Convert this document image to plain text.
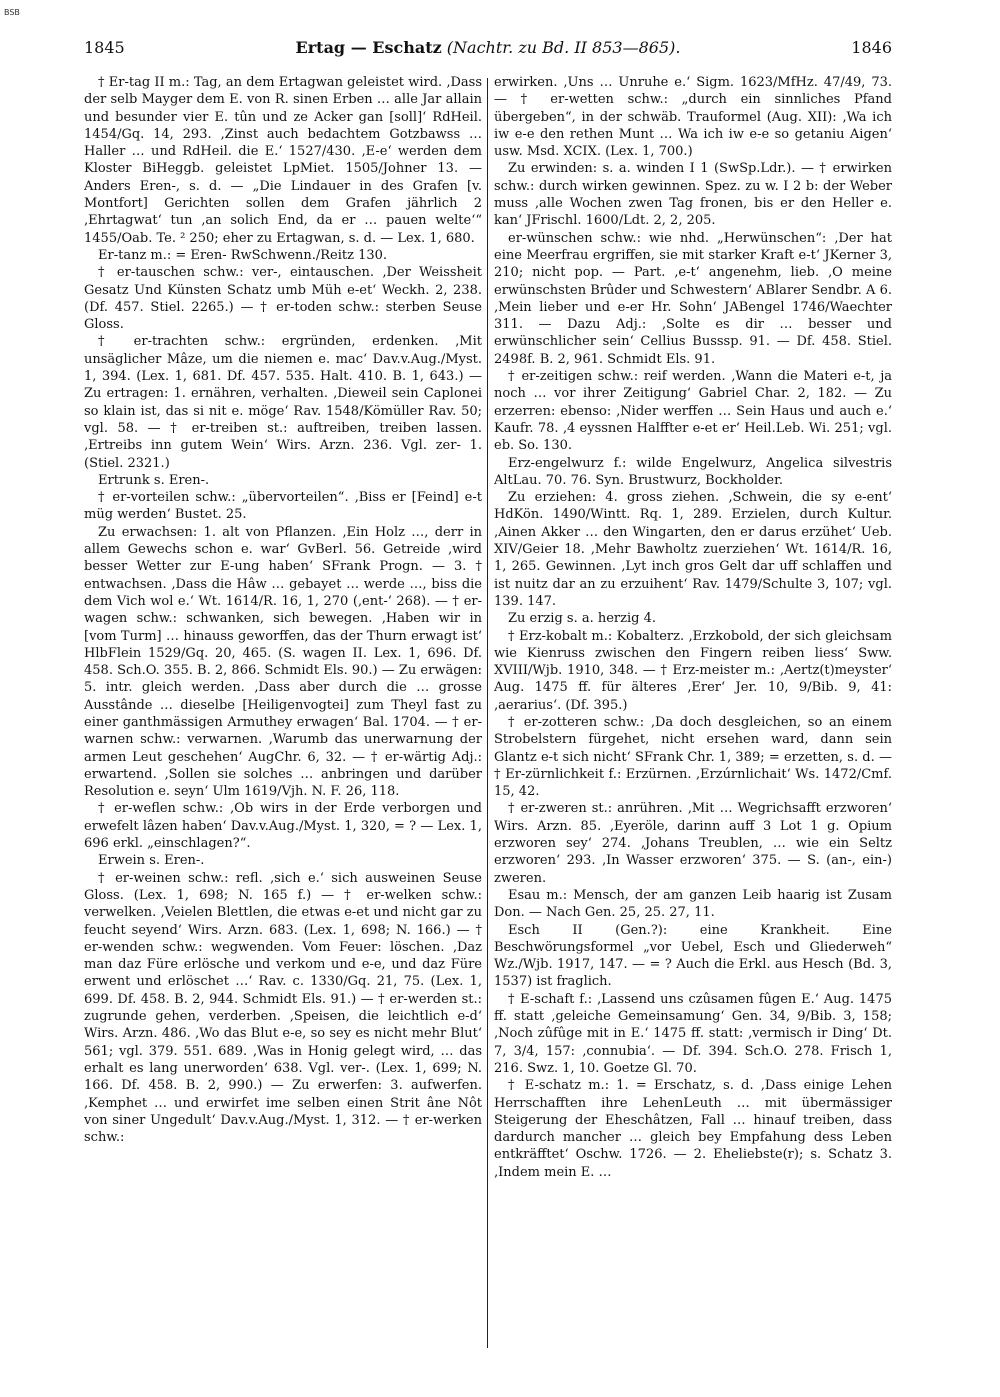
BSB
1845	Ertag — Eschatz (Nachtr. zu Bd. II 853—865).	1846

† Er-tag II m.: Tag, an dem Ertagwan geleistet wird. ‚Dass der selb Mayger dem E. von R. sinen Erben … alle Jar allain und besunder vier E. tûn und ze Acker gan [soll]‘ RdHeil. 1454/Gq. 14, 293. ‚Zinst auch bedachtem Gotzbawss … Haller … und RdHeil. die E.‘ 1527/430. ‚E-e‘ werden dem Kloster BiHeggb. geleistet LpMiet. 1505/Johner 13. — Anders Eren-, s. d. — „Die Lindauer in des Grafen [v. Montfort] Gerichten sollen dem Grafen jährlich 2 ‚Ehrtagwat‘ tun ‚an solich End, da er … pauen welte‘“ 1455/Oab. Te. ² 250; eher zu Ertagwan, s. d. — Lex. 1, 680.

Er-tanz m.: = Eren- RwSchwenn./Reitz 130.

† er-tauschen schw.: ver-, eintauschen. ‚Der Weissheit Gesatz Und Künsten Schatz umb Müh e-et‘ Weckh. 2, 238. (Df. 457. Stiel. 2265.) — † er-toden schw.: sterben Seuse Gloss.

† er-trachten schw.: ergründen, erdenken. ‚Mit unsäglicher Mâze, um die niemen e. mac‘ Dav.v.Aug./Myst. 1, 394. (Lex. 1, 681. Df. 457. 535. Halt. 410. B. 1, 643.) — Zu ertragen: 1. ernähren, verhalten. ‚Dieweil sein Caplonei so klain ist, das si nit e. möge‘ Rav. 1548/Kömüller Rav. 50; vgl. 58. — † er-treiben st.: auftreiben, treiben lassen. ‚Ertreibs inn gutem Wein‘ Wirs. Arzn. 236. Vgl. zer- 1. (Stiel. 2321.)

Ertrunk s. Eren-.

† er-vorteilen schw.: „übervorteilen“. ‚Biss er [Feind] e-t müg werden‘ Bustet. 25.

Zu erwachsen: 1. alt von Pflanzen. ‚Ein Holz …, derr in allem Gewechs schon e. war‘ GvBerl. 56. Getreide ‚wird besser Wetter zur E-ung haben‘ SFrank Progn. — 3. † entwachsen. ‚Dass die Hâw … gebayet … werde …, biss die dem Vich wol e.‘ Wt. 1614/R. 16, 1, 270 (‚ent-‘ 268). — † er-wagen schw.: schwanken, sich bewegen. ‚Haben wir in [vom Turm] … hinauss geworffen, das der Thurn erwagt ist‘ HlbFlein 1529/Gq. 20, 465. (S. wagen II. Lex. 1, 696. Df. 458. Sch.O. 355. B. 2, 866. Schmidt Els. 90.) — Zu erwägen: 5. intr. gleich werden. ‚Dass aber durch die … grosse Ausstânde … dieselbe [Heiligenvogtei] zum Theyl fast zu einer ganthmässigen Armuthey erwagen‘ Bal. 1704. — † er-warnen schw.: verwarnen. ‚Warumb das unerwarnung der armen Leut geschehen‘ AugChr. 6, 32. — † er-wärtig Adj.: erwartend. ‚Sollen sie solches … anbringen und darüber Resolution e. seyn‘ Ulm 1619/Vjh. N. F. 26, 118.

† er-weflen schw.: ‚Ob wirs in der Erde verborgen und erwefelt lâzen haben‘ Dav.v.Aug./Myst. 1, 320, = ? — Lex. 1, 696 erkl. „einschlagen?“.

Erwein s. Eren-.

† er-weinen schw.: refl. ‚sich e.‘ sich ausweinen Seuse Gloss. (Lex. 1, 698; N. 165 f.) — † er-welken schw.: verwelken. ‚Veielen Blettlen, die etwas e-et und nicht gar zu feucht seyend‘ Wirs. Arzn. 683. (Lex. 1, 698; N. 166.) — † er-wenden schw.: wegwenden. Vom Feuer: löschen. ‚Daz man daz Füre erlösche und verkom und e-e, und daz Füre erwent und erlöschet …‘ Rav. c. 1330/Gq. 21, 75. (Lex. 1, 699. Df. 458. B. 2, 944. Schmidt Els. 91.) — † er-werden st.: zugrunde gehen, verderben. ‚Speisen, die leichtlich e-d‘ Wirs. Arzn. 486. ‚Wo das Blut e-e, so sey es nicht mehr Blut‘ 561; vgl. 379. 551. 689. ‚Was in Honig gelegt wird, … das erhalt es lang unerworden‘ 638. Vgl. ver-. (Lex. 1, 699; N. 166. Df. 458. B. 2, 990.) — Zu erwerfen: 3. aufwerfen. ‚Kemphet … und erwirfet ime selben einen Strit âne Nôt von siner Ungedult‘ Dav.v.Aug./Myst. 1, 312. — † er-werken schw.:

erwirken. ‚Uns … Unruhe e.‘ Sigm. 1623/MfHz. 47/49, 73. — † er-wetten schw.: „durch ein sinnliches Pfand übergeben“, in der schwäb. Trauformel (Aug. XII): ‚Wa ich iw e-e den rethen Munt … Wa ich iw e-e so getaniu Aigen‘ usw. Msd. XCIX. (Lex. 1, 700.)

Zu erwinden: s. a. winden I 1 (SwSp.Ldr.). — † erwirken schw.: durch wirken gewinnen. Spez. zu w. I 2 b: der Weber muss ‚alle Wochen zwen Tag fronen, bis er den Heller e. kan‘ JFrischl. 1600/Ldt. 2, 2, 205.

er-wünschen schw.: wie nhd. „Herwünschen“: ‚Der hat eine Meerfrau ergriffen, sie mit starker Kraft e-t‘ JKerner 3, 210; nicht pop. — Part. ‚e-t‘ angenehm, lieb. ‚O meine erwünschsten Brûder und Schwestern‘ ABlarer Sendbr. A 6. ‚Mein lieber und e-er Hr. Sohn‘ JABengel 1746/Waechter 311. — Dazu Adj.: ‚Solte es dir … besser und erwünschlicher sein‘ Cellius Busssp. 91. — Df. 458. Stiel. 2498f. B. 2, 961. Schmidt Els. 91.

† er-zeitigen schw.: reif werden. ‚Wann die Materi e-t, ja noch … vor ihrer Zeitigung‘ Gabriel Char. 2, 182. — Zu erzerren: ebenso: ‚Nider werffen … Sein Haus und auch e.‘ Kaufr. 78. ‚4 eyssnen Halffter e-et er‘ Heil.Leb. Wi. 251; vgl. eb. So. 130.

Erz-engelwurz f.: wilde Engelwurz, Angelica silvestris AltLau. 70. 76. Syn. Brustwurz, Bockholder.

Zu erziehen: 4. gross ziehen. ‚Schwein, die sy e-ent‘ HdKön. 1490/Wintt. Rq. 1, 289. Erzielen, durch Kultur. ‚Ainen Akker … den Wingarten, den er darus erzühet‘ Ueb. XIV/Geier 18. ‚Mehr Bawholtz zuerziehen‘ Wt. 1614/R. 16, 1, 265. Gewinnen. ‚Lyt inch gros Gelt dar uff schlaffen und ist nuitz dar an zu erzuihent‘ Rav. 1479/Schulte 3, 107; vgl. 139. 147.

Zu erzig s. a. herzig 4.

† Erz-kobalt m.: Kobalterz. ‚Erzkobold, der sich gleichsam wie Kienruss zwischen den Fingern reiben liess‘ Sww. XVIII/Wjb. 1910, 348. — † Erz-meister m.: ‚Aertz(t)meyster‘ Aug. 1475 ff. für älteres ‚Erer‘ Jer. 10, 9/Bib. 9, 41: ‚aerarius‘. (Df. 395.)

† er-zotteren schw.: ‚Da doch desgleichen, so an einem Strobelstern fürgehet, nicht ersehen ward, dann sein Glantz e-t sich nicht‘ SFrank Chr. 1, 389; = erzetten, s. d. — † Er-zürnlichkeit f.: Erzürnen. ‚Erzúrnlichait‘ Ws. 1472/Cmf. 15, 42.

† er-zweren st.: anrühren. ‚Mit … Wegrichsafft erzworen‘ Wirs. Arzn. 85. ‚Eyeröle, darinn auff 3 Lot 1 g. Opium erzworen sey‘ 274. ‚Johans Treublen, … wie ein Seltz erzworen‘ 293. ‚In Wasser erzworen‘ 375. — S. (an-, ein-) zweren.

Esau m.: Mensch, der am ganzen Leib haarig ist Zusam Don. — Nach Gen. 25, 25. 27, 11.

Esch II (Gen.?): eine Krankheit. Eine Beschwörungsformel „vor Uebel, Esch und Gliederweh“ Wz./Wjb. 1917, 147. — = ? Auch die Erkl. aus Hesch (Bd. 3, 1537) ist fraglich.

† E-schaft f.: ‚Lassend uns czûsamen fûgen E.‘ Aug. 1475 ff. statt ‚geleiche Gemeinsamung‘ Gen. 34, 9/Bib. 3, 158; ‚Noch zûfûge mit in E.‘ 1475 ff. statt: ‚vermisch ir Ding‘ Dt. 7, 3/4, 157: ‚connubia‘. — Df. 394. Sch.O. 278. Frisch 1, 216. Swz. 1, 10. Goetze Gl. 70.

† E-schatz m.: 1. = Erschatz, s. d. ‚Dass einige Lehen Herrschafften ihre LehenLeuth … mit übermässiger Steigerung der Eheschâtzen, Fall … hinauf treiben, dass dardurch mancher … gleich bey Empfahung dess Leben entkräfftet‘ Oschw. 1726. — 2. Eheliebste(r); s. Schatz 3. ‚Indem mein E. …
